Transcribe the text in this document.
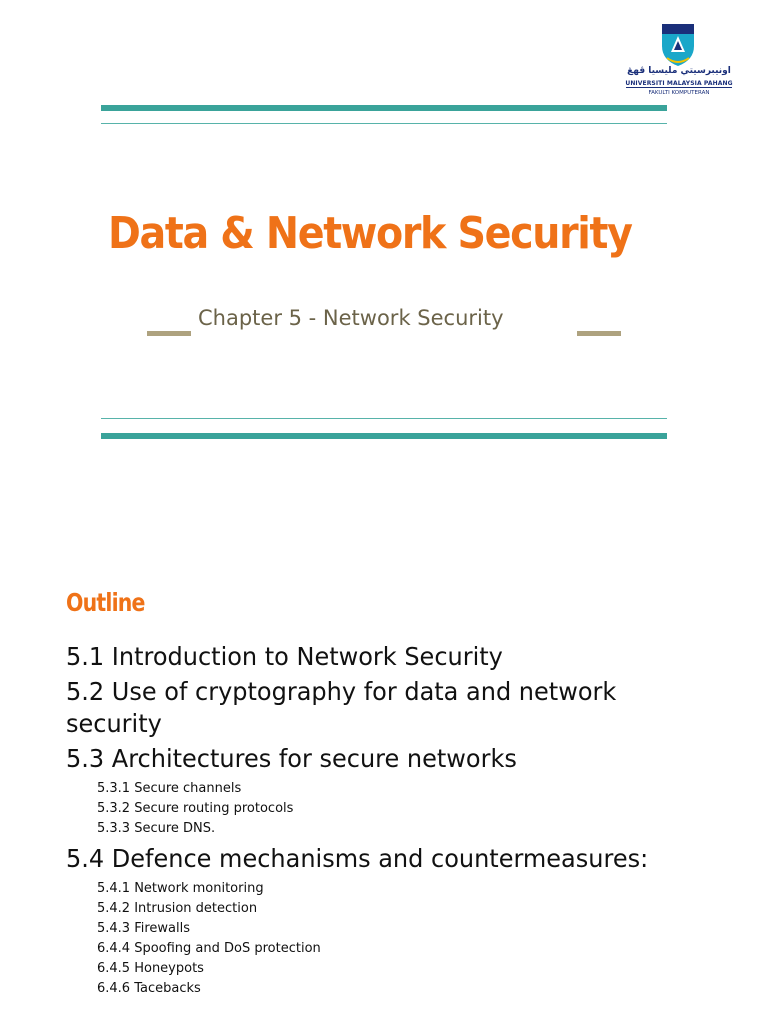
اونيبرسيتي مليسيا ڤهڠ
UNIVERSITI MALAYSIA PAHANG
FAKULTI KOMPUTERAN
Data & Network Security
Chapter 5 - Network Security
Outline
5.1 Introduction to Network Security
5.2 Use of cryptography for data and network security
5.3 Architectures for secure networks
5.3.1 Secure channels
5.3.2 Secure routing protocols
5.3.3 Secure DNS.
5.4 Defence mechanisms and countermeasures:
5.4.1 Network monitoring
5.4.2 Intrusion detection
5.4.3 Firewalls
6.4.4 Spoofing and DoS protection
6.4.5 Honeypots
6.4.6 Tacebacks
